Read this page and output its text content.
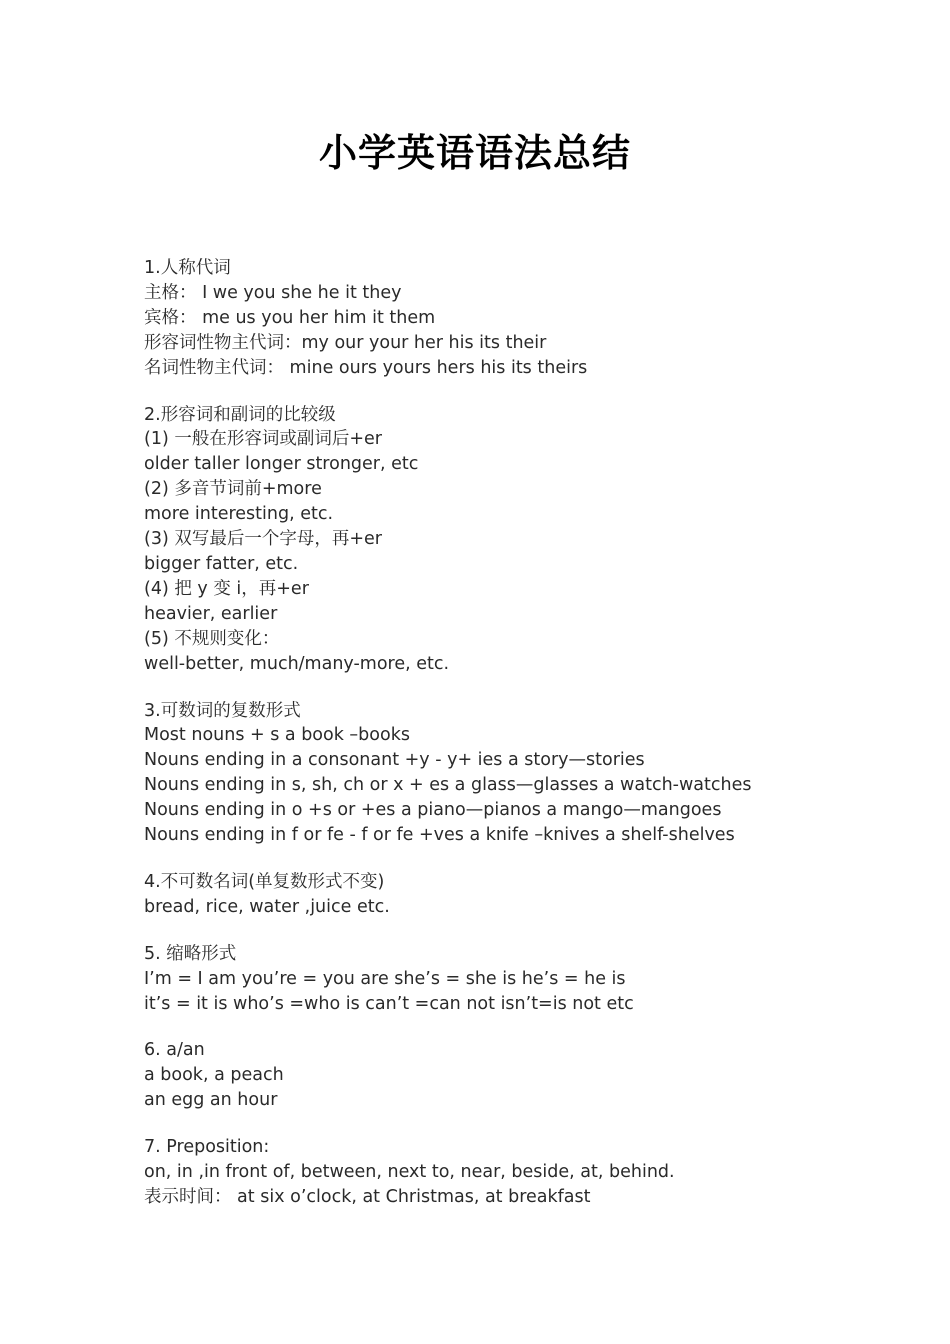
小学英语语法总结
1.人称代词
主格： I we you she he it they
宾格： me us you her him it them
形容词性物主代词：my our your her his its their
名词性物主代词： mine ours yours hers his its theirs
2.形容词和副词的比较级
(1) 一般在形容词或副词后+er
older taller longer stronger, etc
(2) 多音节词前+more
more interesting, etc.
(3) 双写最后一个字母，再+er
bigger fatter, etc.
(4) 把 y 变 i，再+er
heavier, earlier
(5) 不规则变化：
well-better, much/many-more, etc.
3.可数词的复数形式
Most nouns + s a book –books
Nouns ending in a consonant +y - y+ ies a story—stories
Nouns ending in s, sh, ch or x + es a glass—glasses a watch-watches
Nouns ending in o +s or +es a piano—pianos a mango—mangoes
Nouns ending in f or fe - f or fe +ves a knife –knives a shelf-shelves
4.不可数名词(单复数形式不变)
bread, rice, water ,juice etc.
5. 缩略形式
I’m = I am you’re = you are she’s = she is he’s = he is
it’s = it is who’s =who is can’t =can not isn’t=is not etc
6. a/an
a book, a peach
an egg an hour
7. Preposition:
on, in ,in front of, between, next to, near, beside, at, behind.
表示时间： at six o’clock, at Christmas, at breakfast
